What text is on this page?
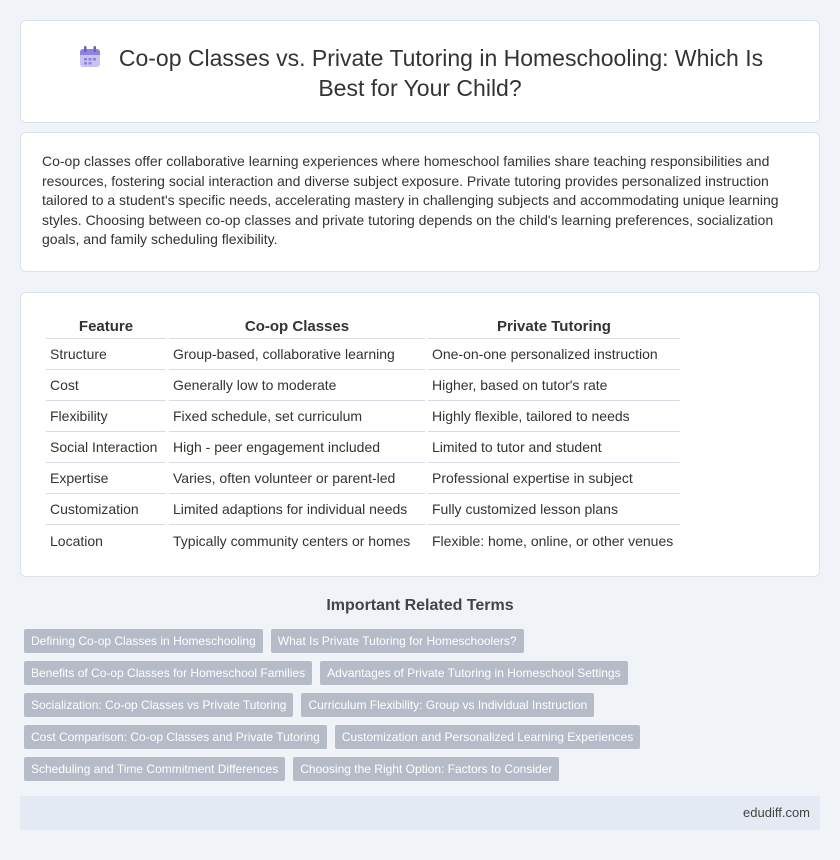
Co-op Classes vs. Private Tutoring in Homeschooling: Which Is Best for Your Child?

Co-op classes offer collaborative learning experiences where homeschool families share teaching responsibilities and resources, fostering social interaction and diverse subject exposure. Private tutoring provides personalized instruction tailored to a student's specific needs, accelerating mastery in challenging subjects and accommodating unique learning styles. Choosing between co-op classes and private tutoring depends on the child's learning preferences, socialization goals, and family scheduling flexibility.

Feature	Co-op Classes	Private Tutoring
Structure	Group-based, collaborative learning	One-on-one personalized instruction
Cost	Generally low to moderate	Higher, based on tutor's rate
Flexibility	Fixed schedule, set curriculum	Highly flexible, tailored to needs
Social Interaction	High - peer engagement included	Limited to tutor and student
Expertise	Varies, often volunteer or parent-led	Professional expertise in subject
Customization	Limited adaptions for individual needs	Fully customized lesson plans
Location	Typically community centers or homes	Flexible: home, online, or other venues
Important Related Terms
Defining Co-op Classes in Homeschooling	What Is Private Tutoring for Homeschoolers?
Benefits of Co-op Classes for Homeschool Families	Advantages of Private Tutoring in Homeschool Settings
Socialization: Co-op Classes vs Private Tutoring	Curriculum Flexibility: Group vs Individual Instruction
Cost Comparison: Co-op Classes and Private Tutoring	Customization and Personalized Learning Experiences
Scheduling and Time Commitment Differences	Choosing the Right Option: Factors to Consider
edudiff.com
